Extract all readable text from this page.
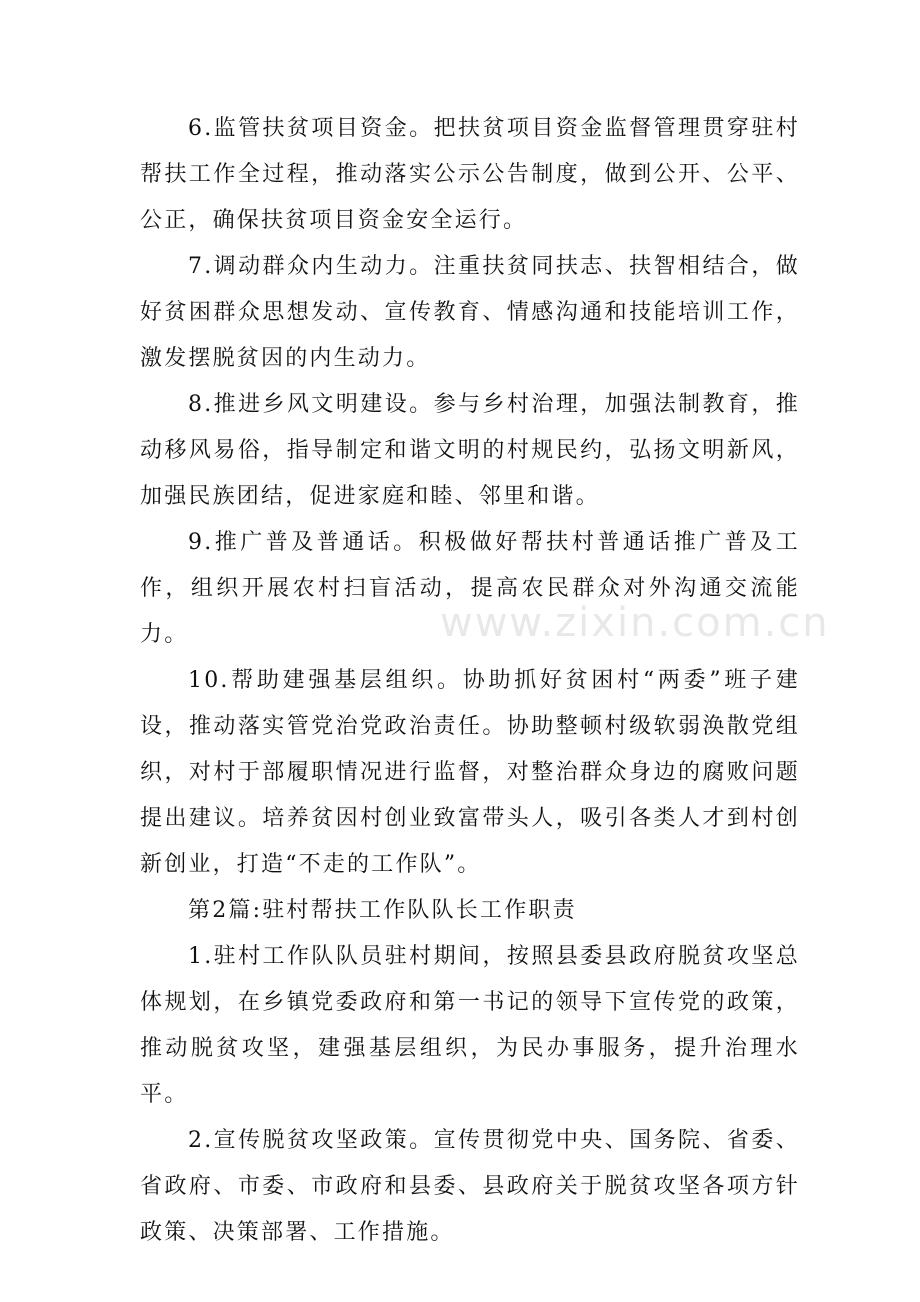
6.监管扶贫项目资金。把扶贫项目资金监督管理贯穿驻村帮扶工作全过程，推动落实公示公告制度，做到公开、公平、公正，确保扶贫项目资金安全运行。

7.调动群众内生动力。注重扶贫同扶志、扶智相结合，做好贫困群众思想发动、宣传教育、情感沟通和技能培训工作，激发摆脱贫因的内生动力。

8.推进乡风文明建设。参与乡村治理，加强法制教育，推动移风易俗，指导制定和谐文明的村规民约，弘扬文明新风，加强民族团结，促进家庭和睦、邻里和谐。

9.推广普及普通话。积极做好帮扶村普通话推广普及工作，组织开展农村扫盲活动，提高农民群众对外沟通交流能力。

10.帮助建强基层组织。协助抓好贫困村“两委”班子建设，推动落实管党治党政治责任。协助整顿村级软弱涣散党组织，对村于部履职情况进行监督，对整治群众身边的腐败问题提出建议。培养贫因村创业致富带头人，吸引各类人才到村创新创业，打造“不走的工作队”。

第2篇:驻村帮扶工作队队长工作职责

1.驻村工作队队员驻村期间，按照县委县政府脱贫攻坚总体规划，在乡镇党委政府和第一书记的领导下宣传党的政策，推动脱贫攻坚，建强基层组织，为民办事服务，提升治理水平。

2.宣传脱贫攻坚政策。宣传贯彻党中央、国务院、省委、省政府、市委、市政府和县委、县政府关于脱贫攻坚各项方针政策、决策部署、工作措施。

www.zixin.com.cn
